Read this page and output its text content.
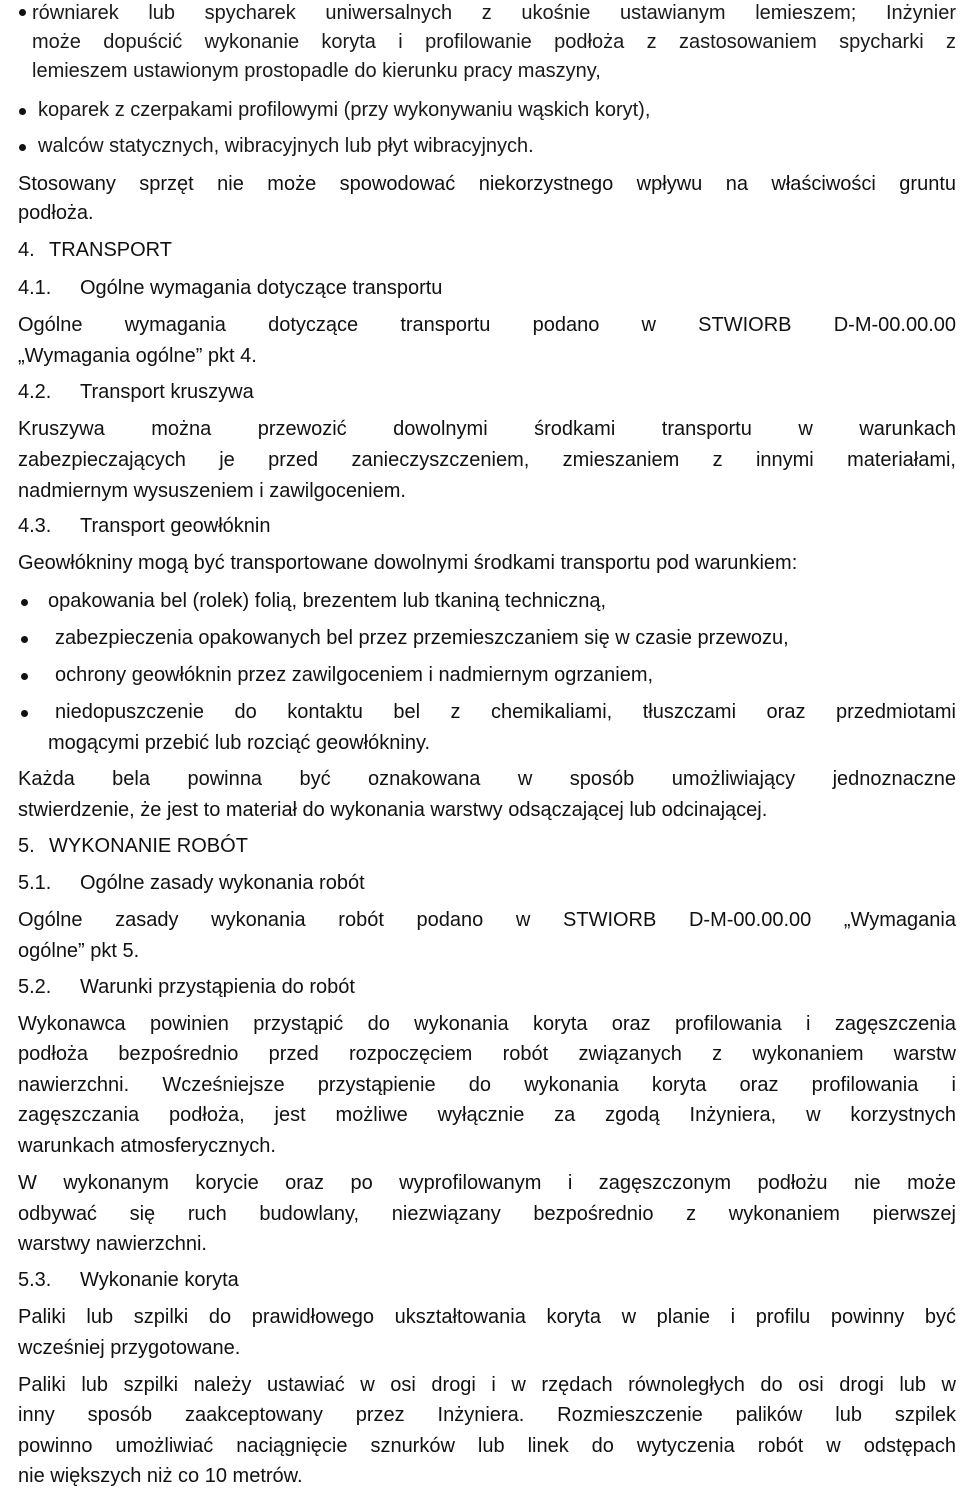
równiarek lub spycharek uniwersalnych z ukośnie ustawianym lemieszem; Inżynier
może dopuścić wykonanie koryta i profilowanie podłoża z zastosowaniem spycharki z
lemieszem ustawionym prostopadle do kierunku pracy maszyny,
koparek z czerpakami profilowymi (przy wykonywaniu wąskich koryt),
walców statycznych, wibracyjnych lub płyt wibracyjnych.
Stosowany sprzęt nie może spowodować niekorzystnego wpływu na właściwości gruntu
podłoża.
4. TRANSPORT
4.1. Ogólne wymagania dotyczące transportu
Ogólne wymagania dotyczące transportu podano w STWIORB D-M-00.00.00
„Wymagania ogólne” pkt 4.
4.2. Transport kruszywa
Kruszywa można przewozić dowolnymi środkami transportu w warunkach
zabezpieczających je przed zanieczyszczeniem, zmieszaniem z innymi materiałami,
nadmiernym wysuszeniem i zawilgoceniem.
4.3. Transport geowłóknin
Geowłókniny mogą być transportowane dowolnymi środkami transportu pod warunkiem:
opakowania bel (rolek) folią, brezentem lub tkaniną techniczną,
zabezpieczenia opakowanych bel przez przemieszczaniem się w czasie przewozu,
ochrony geowłóknin przez zawilgoceniem i nadmiernym ogrzaniem,
niedopuszczenie do kontaktu bel z chemikaliami, tłuszczami oraz przedmiotami
mogącymi przebić lub rozciąć geowłókniny.
Każda bela powinna być oznakowana w sposób umożliwiający jednoznaczne
stwierdzenie, że jest to materiał do wykonania warstwy odsączającej lub odcinającej.
5. WYKONANIE ROBÓT
5.1. Ogólne zasady wykonania robót
Ogólne zasady wykonania robót podano w STWIORB D-M-00.00.00 „Wymagania
ogólne” pkt 5.
5.2. Warunki przystąpienia do robót
Wykonawca powinien przystąpić do wykonania koryta oraz profilowania i zagęszczenia
podłoża bezpośrednio przed rozpoczęciem robót związanych z wykonaniem warstw
nawierzchni. Wcześniejsze przystąpienie do wykonania koryta oraz profilowania i
zagęszczania podłoża, jest możliwe wyłącznie za zgodą Inżyniera, w korzystnych
warunkach atmosferycznych.
W wykonanym korycie oraz po wyprofilowanym i zagęszczonym podłożu nie może
odbywać się ruch budowlany, niezwiązany bezpośrednio z wykonaniem pierwszej
warstwy nawierzchni.
5.3. Wykonanie koryta
Paliki lub szpilki do prawidłowego ukształtowania koryta w planie i profilu powinny być
wcześniej przygotowane.
Paliki lub szpilki należy ustawiać w osi drogi i w rzędach równoległych do osi drogi lub w
inny sposób zaakceptowany przez Inżyniera. Rozmieszczenie palików lub szpilek
powinno umożliwiać naciągnięcie sznurków lub linek do wytyczenia robót w odstępach
nie większych niż co 10 metrów.
